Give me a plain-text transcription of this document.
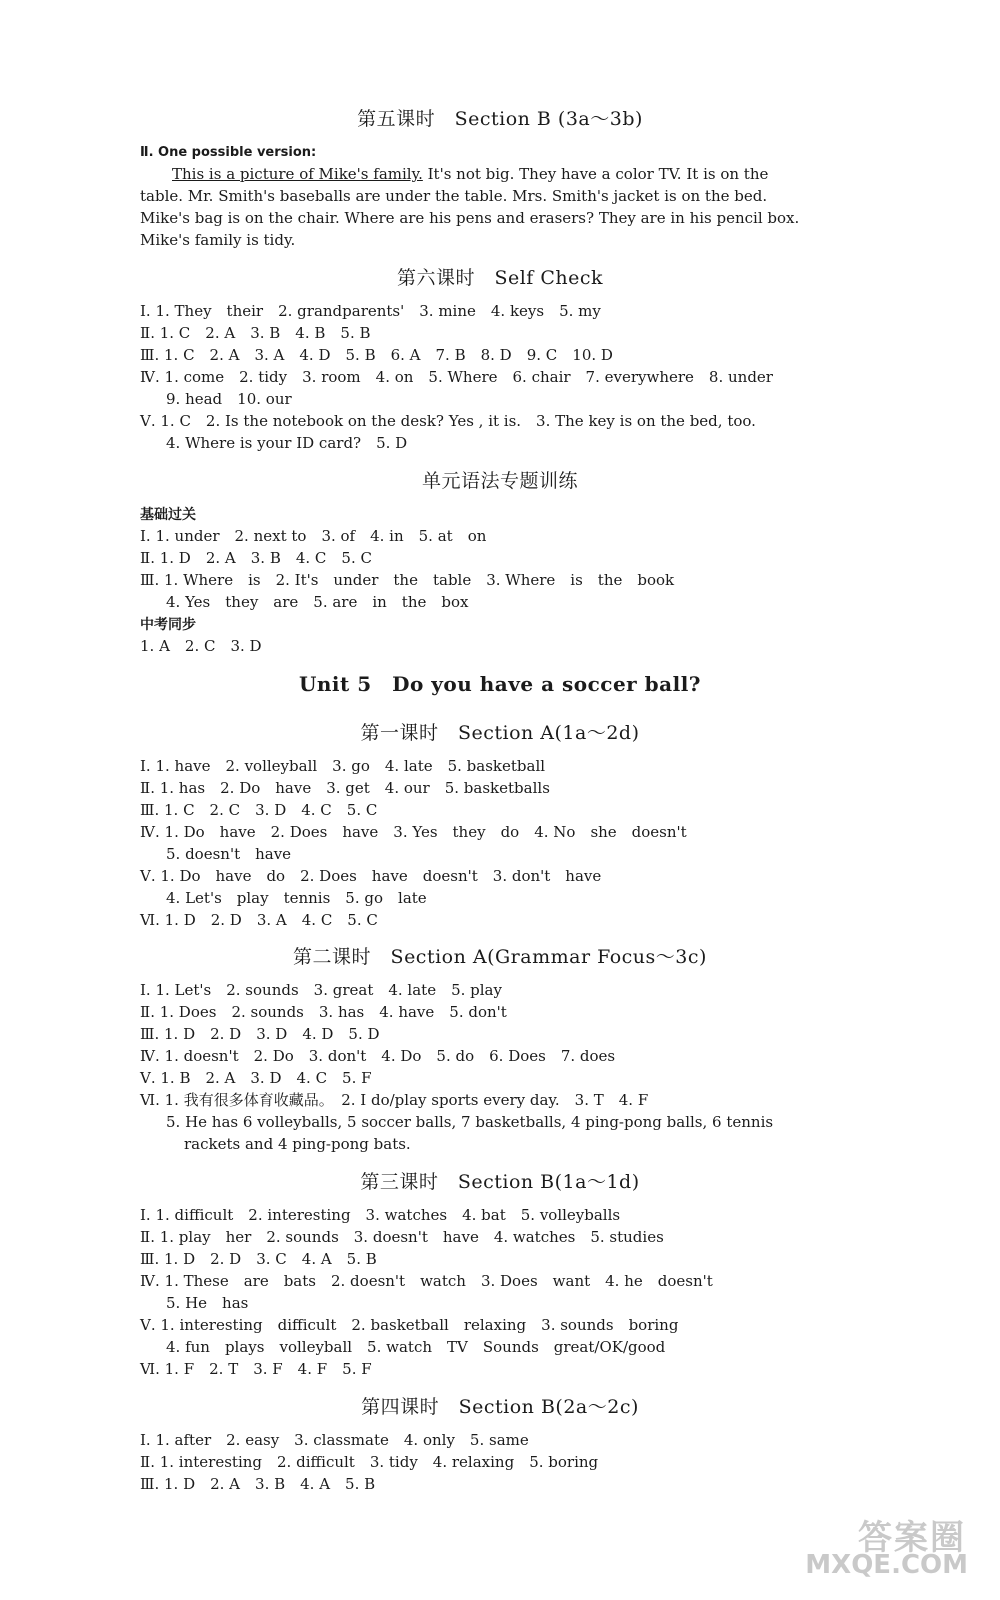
第五课时　Section B (3a～3b)
Ⅱ. One possible version:
This is a picture of Mike's family. It's not big. They have a color TV. It is on the
table. Mr. Smith's baseballs are under the table. Mrs. Smith's jacket is on the bed.
Mike's bag is on the chair. Where are his pens and erasers? They are in his pencil box.
Mike's family is tidy.
第六课时　Self Check
Ⅰ. 1. They　their　2. grandparents'　3. mine　4. keys　5. my
Ⅱ. 1. C　2. A　3. B　4. B　5. B
Ⅲ. 1. C　2. A　3. A　4. D　5. B　6. A　7. B　8. D　9. C　10. D
Ⅳ. 1. come　2. tidy　3. room　4. on　5. Where　6. chair　7. everywhere　8. under
9. head　10. our
Ⅴ. 1. C　2. Is the notebook on the desk? Yes , it is.　3. The key is on the bed, too.
4. Where is your ID card?　5. D
单元语法专题训练
基础过关
Ⅰ. 1. under　2. next to　3. of　4. in　5. at　on
Ⅱ. 1. D　2. A　3. B　4. C　5. C
Ⅲ. 1. Where　is　2. It's　under　the　table　3. Where　is　the　book
4. Yes　they　are　5. are　in　the　box
中考同步
1. A　2. C　3. D
Unit 5　Do you have a soccer ball?
第一课时　Section A(1a～2d)
Ⅰ. 1. have　2. volleyball　3. go　4. late　5. basketball
Ⅱ. 1. has　2. Do　have　3. get　4. our　5. basketballs
Ⅲ. 1. C　2. C　3. D　4. C　5. C
Ⅳ. 1. Do　have　2. Does　have　3. Yes　they　do　4. No　she　doesn't
5. doesn't　have
Ⅴ. 1. Do　have　do　2. Does　have　doesn't　3. don't　have
4. Let's　play　tennis　5. go　late
Ⅵ. 1. D　2. D　3. A　4. C　5. C
第二课时　Section A(Grammar Focus～3c)
Ⅰ. 1. Let's　2. sounds　3. great　4. late　5. play
Ⅱ. 1. Does　2. sounds　3. has　4. have　5. don't
Ⅲ. 1. D　2. D　3. D　4. D　5. D
Ⅳ. 1. doesn't　2. Do　3. don't　4. Do　5. do　6. Does　7. does
Ⅴ. 1. B　2. A　3. D　4. C　5. F
Ⅵ. 1. 我有很多体育收藏品。　2. I do/play sports every day.　3. T　4. F
5. He has 6 volleyballs, 5 soccer balls, 7 basketballs, 4 ping-pong balls, 6 tennis
rackets and 4 ping-pong bats.
第三课时　Section B(1a～1d)
Ⅰ. 1. difficult　2. interesting　3. watches　4. bat　5. volleyballs
Ⅱ. 1. play　her　2. sounds　3. doesn't　have　4. watches　5. studies
Ⅲ. 1. D　2. D　3. C　4. A　5. B
Ⅳ. 1. These　are　bats　2. doesn't　watch　3. Does　want　4. he　doesn't
5. He　has
Ⅴ. 1. interesting　difficult　2. basketball　relaxing　3. sounds　boring
4. fun　plays　volleyball　5. watch　TV　Sounds　great/OK/good
Ⅵ. 1. F　2. T　3. F　4. F　5. F
第四课时　Section B(2a～2c)
Ⅰ. 1. after　2. easy　3. classmate　4. only　5. same
Ⅱ. 1. interesting　2. difficult　3. tidy　4. relaxing　5. boring
Ⅲ. 1. D　2. A　3. B　4. A　5. B
答案圈
MXQE.COM
